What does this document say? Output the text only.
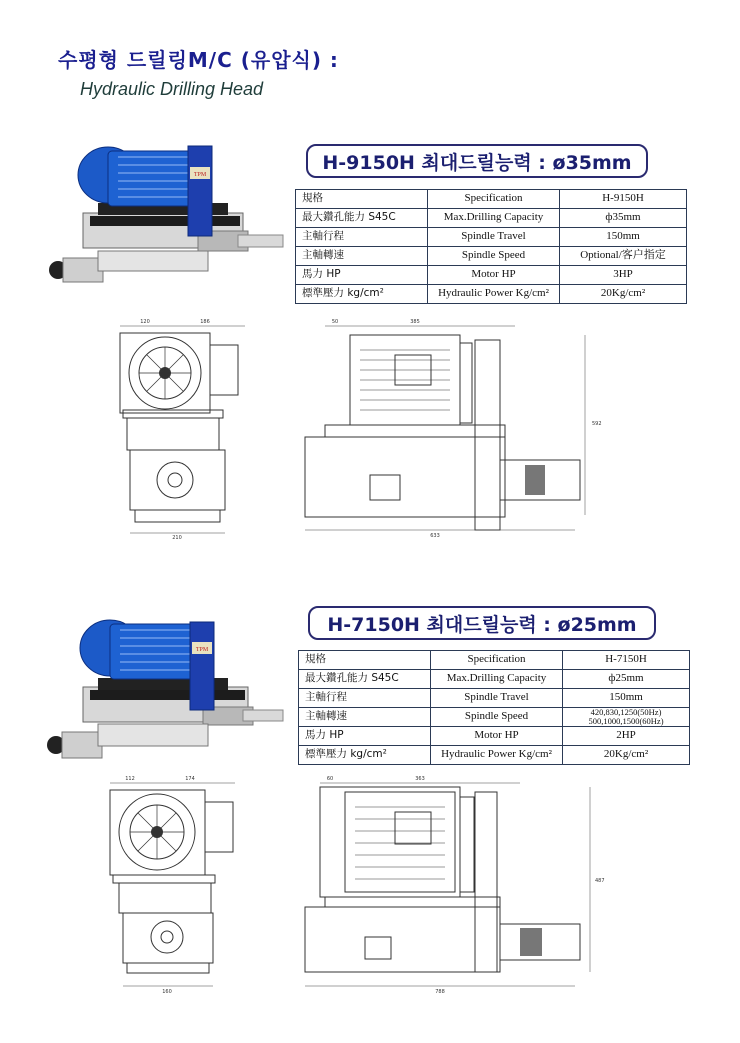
수평형 드릴링M/C (유압식) :
Hydraulic Drilling Head
TPM
H-9150H 최대드릴능력 : ø35mm
規格	Specification	H-9150H
最大鑽孔能力 S45C	Max.Drilling Capacity	ф35mm
主軸行程	Spindle Travel	150mm
主軸轉速	Spindle Speed	Optional/客户指定
馬力 HP	Motor HP	3HP
標準壓力 kg/cm²	Hydraulic Power Kg/cm²	20Kg/cm²
120	186
210
50	385
592
633
TPM
H-7150H 최대드릴능력 : ø25mm
規格	Specification	H-7150H
最大鑽孔能力 S45C	Max.Drilling Capacity	ф25mm
主軸行程	Spindle Travel	150mm
主軸轉速	Spindle Speed	420,830,1250(50Hz) 500,1000,1500(60Hz)
馬力 HP	Motor HP	2HP
標準壓力 kg/cm²	Hydraulic Power Kg/cm²	20Kg/cm²
112	174
160
60	363
487
788
